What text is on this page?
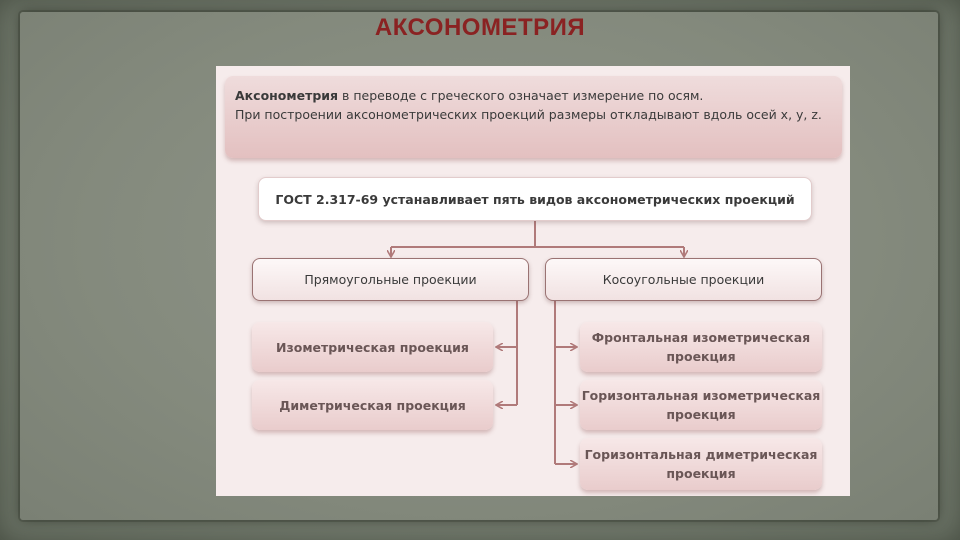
АКСОНОМЕТРИЯ
Аксонометрия в переводе с греческого означает измерение по осям.
При построении аксонометрических проекций размеры откладывают вдоль осей x, y, z.
ГОСТ 2.317-69 устанавливает пять видов аксонометрических проекций
Прямоугольные проекции	Косоугольные проекции
Изометрическая проекция
Диметрическая проекция
Фронтальная изометрическая проекция
Горизонтальная изометрическая проекция
Горизонтальная диметрическая проекция
